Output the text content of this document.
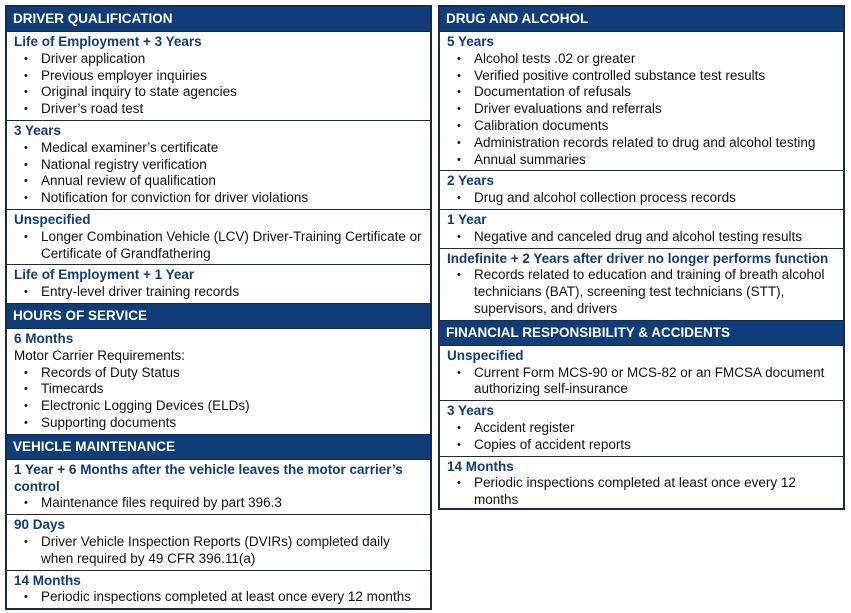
DRIVER QUALIFICATION
Life of Employment + 3 Years
• Driver application
• Previous employer inquiries
• Original inquiry to state agencies
• Driver’s road test
3 Years
• Medical examiner’s certificate
• National registry verification
• Annual review of qualification
• Notification for conviction for driver violations
Unspecified
• Longer Combination Vehicle (LCV) Driver-Training Certificate or Certificate of Grandfathering
Life of Employment + 1 Year
• Entry-level driver training records
HOURS OF SERVICE
6 Months
Motor Carrier Requirements:
• Records of Duty Status
• Timecards
• Electronic Logging Devices (ELDs)
• Supporting documents
VEHICLE MAINTENANCE
1 Year + 6 Months after the vehicle leaves the motor carrier’s control
• Maintenance files required by part 396.3
90 Days
• Driver Vehicle Inspection Reports (DVIRs) completed daily when required by 49 CFR 396.11(a)
14 Months
• Periodic inspections completed at least once every 12 months
DRUG AND ALCOHOL
5 Years
• Alcohol tests .02 or greater
• Verified positive controlled substance test results
• Documentation of refusals
• Driver evaluations and referrals
• Calibration documents
• Administration records related to drug and alcohol testing
• Annual summaries
2 Years
• Drug and alcohol collection process records
1 Year
• Negative and canceled drug and alcohol testing results
Indefinite + 2 Years after driver no longer performs function
• Records related to education and training of breath alcohol technicians (BAT), screening test technicians (STT), supervisors, and drivers
FINANCIAL RESPONSIBILITY & ACCIDENTS
Unspecified
• Current Form MCS-90 or MCS-82 or an FMCSA document authorizing self-insurance
3 Years
• Accident register
• Copies of accident reports
14 Months
• Periodic inspections completed at least once every 12 months
